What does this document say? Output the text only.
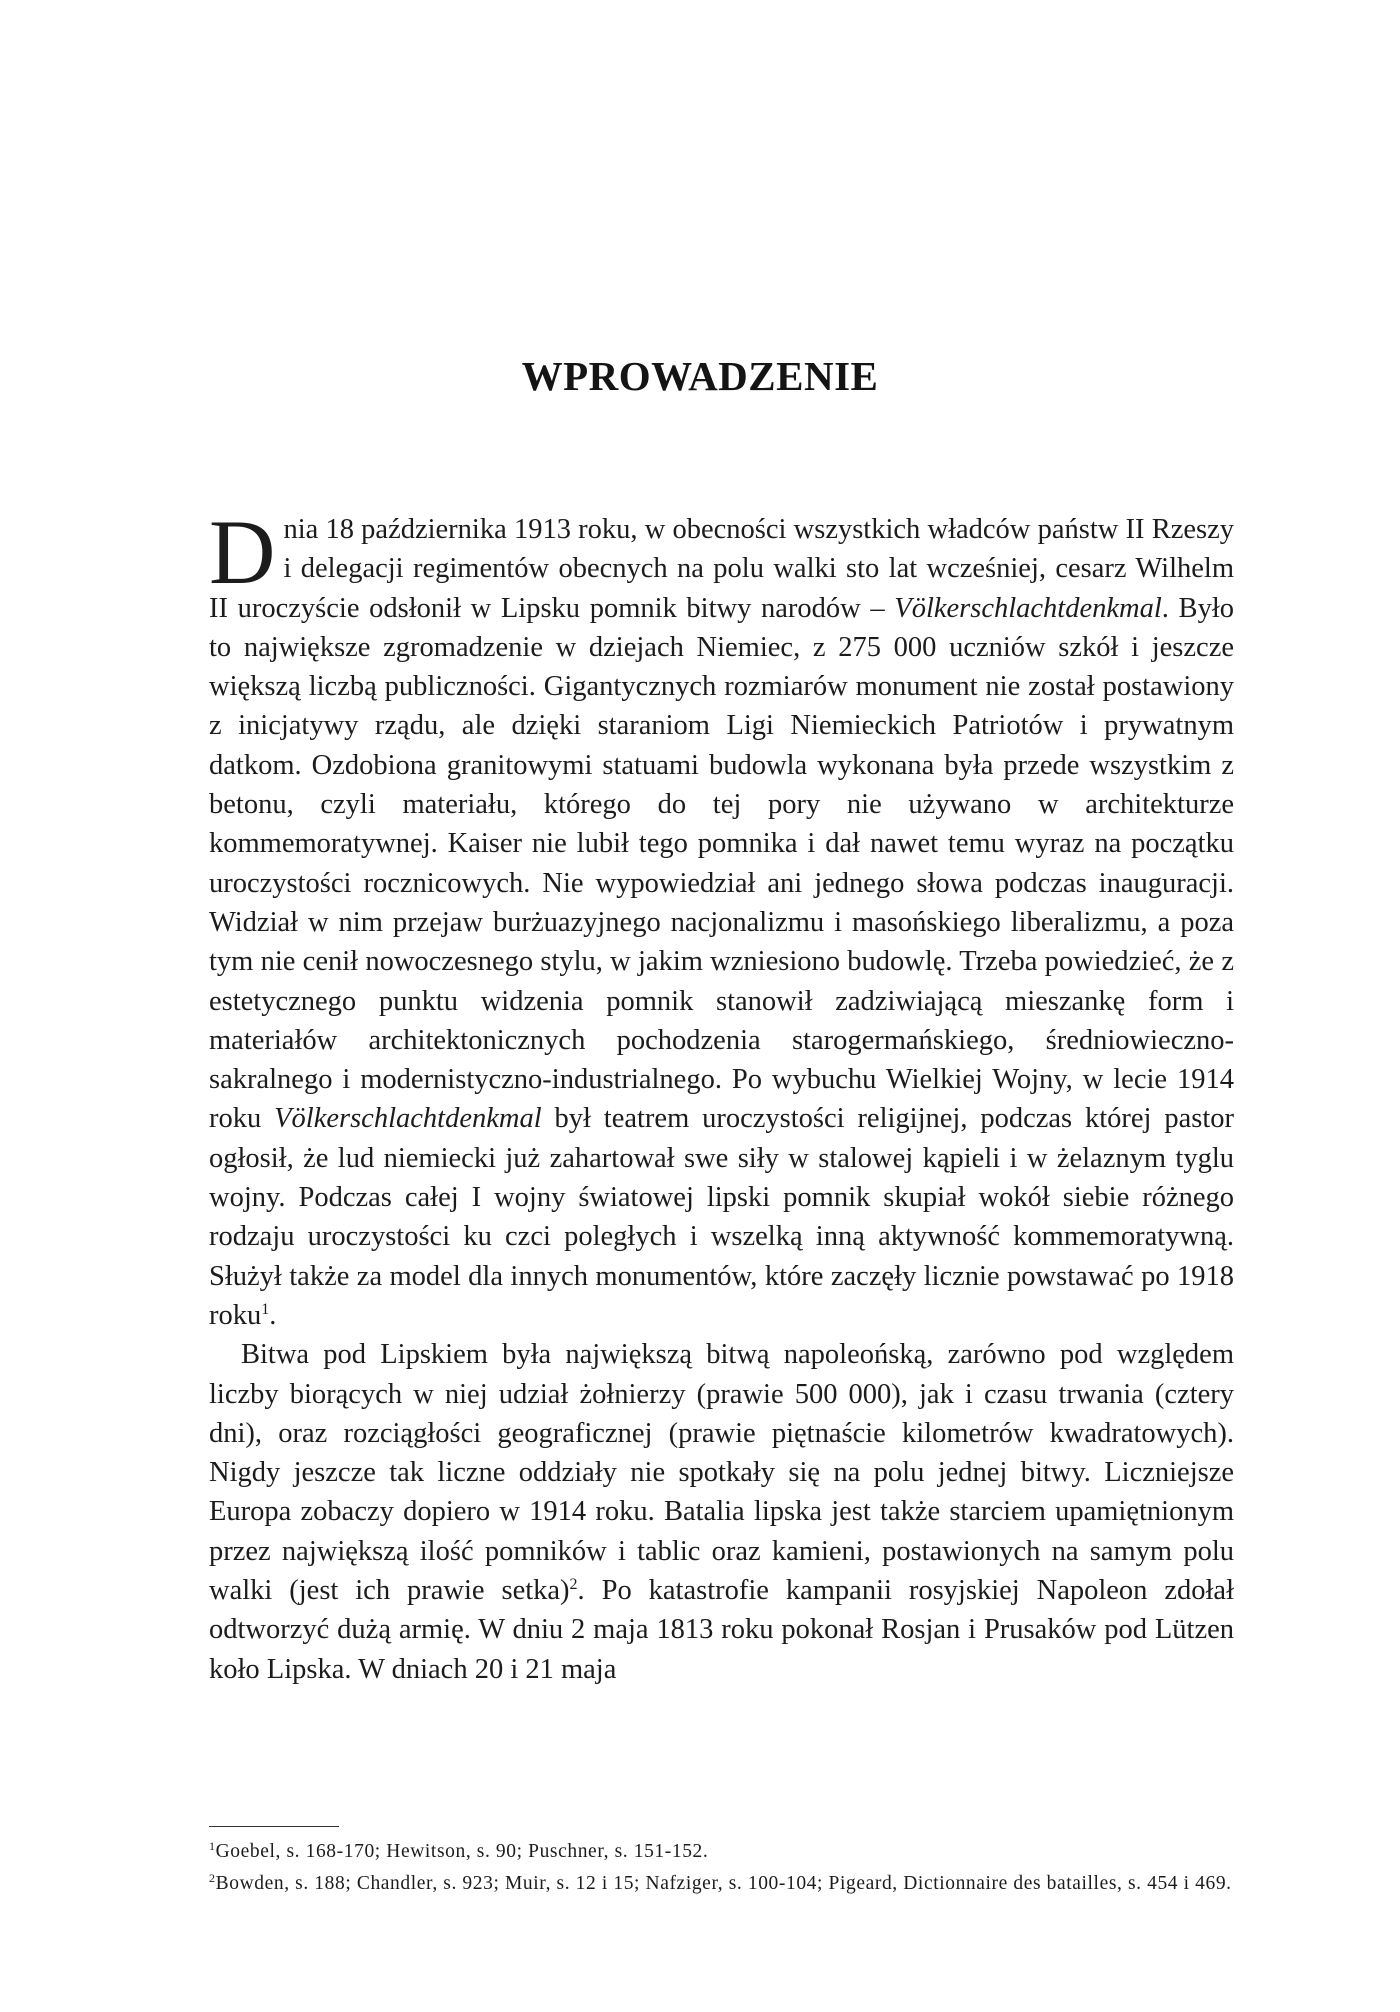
WPROWADZENIE

Dnia 18 października 1913 roku, w obecności wszystkich władców państw II Rzeszy i delegacji regimentów obecnych na polu walki sto lat wcześniej, cesarz Wilhelm II uroczyście odsłonił w Lipsku pomnik bitwy narodów – Völkerschlachtdenkmal. Było to największe zgromadzenie w dziejach Niemiec, z 275 000 uczniów szkół i jeszcze większą liczbą publiczności. Gigantycznych rozmiarów monument nie został postawiony z inicjatywy rządu, ale dzięki staraniom Ligi Niemieckich Patriotów i prywatnym datkom. Ozdobiona granitowymi statuami budowla wykonana była przede wszystkim z betonu, czyli materiału, którego do tej pory nie używano w architekturze kommemoratywnej. Kaiser nie lubił tego pomnika i dał nawet temu wyraz na początku uroczystości rocznicowych. Nie wypowiedział ani jednego słowa podczas inauguracji. Widział w nim przejaw burżuazyjnego nacjonalizmu i masońskiego liberalizmu, a poza tym nie cenił nowoczesnego stylu, w jakim wzniesiono budowlę. Trzeba powiedzieć, że z estetycznego punktu widzenia pomnik stanowił zadziwiającą mieszankę form i materiałów architektonicznych pochodzenia starogermańskiego, średniowieczno-sakralnego i modernistyczno-industrialnego. Po wybuchu Wielkiej Wojny, w lecie 1914 roku Völkerschlachtdenkmal był teatrem uroczystości religijnej, podczas której pastor ogłosił, że lud niemiecki już zahartował swe siły w stalowej kąpieli i w żelaznym tyglu wojny. Podczas całej I wojny światowej lipski pomnik skupiał wokół siebie różnego rodzaju uroczystości ku czci poległych i wszelką inną aktywność kommemoratywną. Służył także za model dla innych monumentów, które zaczęły licznie powstawać po 1918 roku$^1$.

Bitwa pod Lipskiem była największą bitwą napoleońską, zarówno pod względem liczby biorących w niej udział żołnierzy (prawie 500 000), jak i czasu trwania (cztery dni), oraz rozciągłości geograficznej (prawie piętnaście kilometrów kwadratowych). Nigdy jeszcze tak liczne oddziały nie spotkały się na polu jednej bitwy. Liczniejsze Europa zobaczy dopiero w 1914 roku. Batalia lipska jest także starciem upamiętnionym przez największą ilość pomników i tablic oraz kamieni, postawionych na samym polu walki (jest ich prawie setka)$^2$. Po katastrofie kampanii rosyjskiej Napoleon zdołał odtworzyć dużą armię. W dniu 2 maja 1813 roku pokonał Rosjan i Prusaków pod Lützen koło Lipska. W dniach 20 i 21 maja

$^1$Goebel, s. 168-170; Hewitson, s. 90; Puschner, s. 151-152.

$^2$Bowden, s. 188; Chandler, s. 923; Muir, s. 12 i 15; Nafziger, s. 100-104; Pigeard, Dictionnaire des batailles, s. 454 i 469.
